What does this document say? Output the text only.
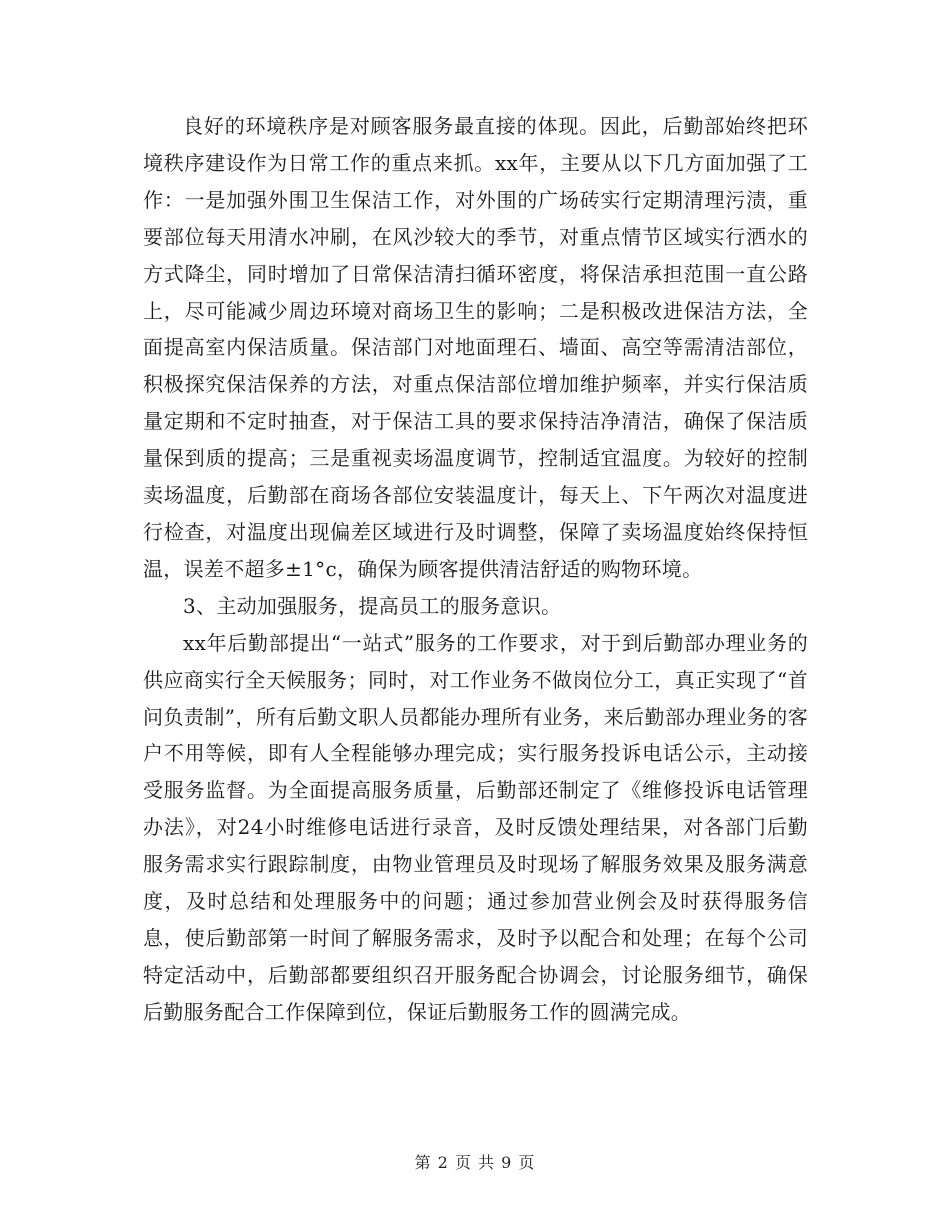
良好的环境秩序是对顾客服务最直接的体现。因此，后勤部始终把环境秩序建设作为日常工作的重点来抓。xx年，主要从以下几方面加强了工作：一是加强外围卫生保洁工作，对外围的广场砖实行定期清理污渍，重要部位每天用清水冲刷，在风沙较大的季节，对重点情节区域实行洒水的方式降尘，同时增加了日常保洁清扫循环密度，将保洁承担范围一直公路上，尽可能减少周边环境对商场卫生的影响；二是积极改进保洁方法，全面提高室内保洁质量。保洁部门对地面理石、墙面、高空等需清洁部位，积极探究保洁保养的方法，对重点保洁部位增加维护频率，并实行保洁质量定期和不定时抽查，对于保洁工具的要求保持洁净清洁，确保了保洁质量保到质的提高；三是重视卖场温度调节，控制适宜温度。为较好的控制卖场温度，后勤部在商场各部位安装温度计，每天上、下午两次对温度进行检查，对温度出现偏差区域进行及时调整，保障了卖场温度始终保持恒温，误差不超多±1°c，确保为顾客提供清洁舒适的购物环境。

3、主动加强服务，提高员工的服务意识。

xx年后勤部提出“一站式”服务的工作要求，对于到后勤部办理业务的供应商实行全天候服务；同时，对工作业务不做岗位分工，真正实现了“首问负责制”，所有后勤文职人员都能办理所有业务，来后勤部办理业务的客户不用等候，即有人全程能够办理完成；实行服务投诉电话公示，主动接受服务监督。为全面提高服务质量，后勤部还制定了《维修投诉电话管理办法》，对24小时维修电话进行录音，及时反馈处理结果，对各部门后勤服务需求实行跟踪制度，由物业管理员及时现场了解服务效果及服务满意度，及时总结和处理服务中的问题；通过参加营业例会及时获得服务信息，使后勤部第一时间了解服务需求，及时予以配合和处理；在每个公司特定活动中，后勤部都要组织召开服务配合协调会，讨论服务细节，确保后勤服务配合工作保障到位，保证后勤服务工作的圆满完成。

第 2 页 共 9 页
